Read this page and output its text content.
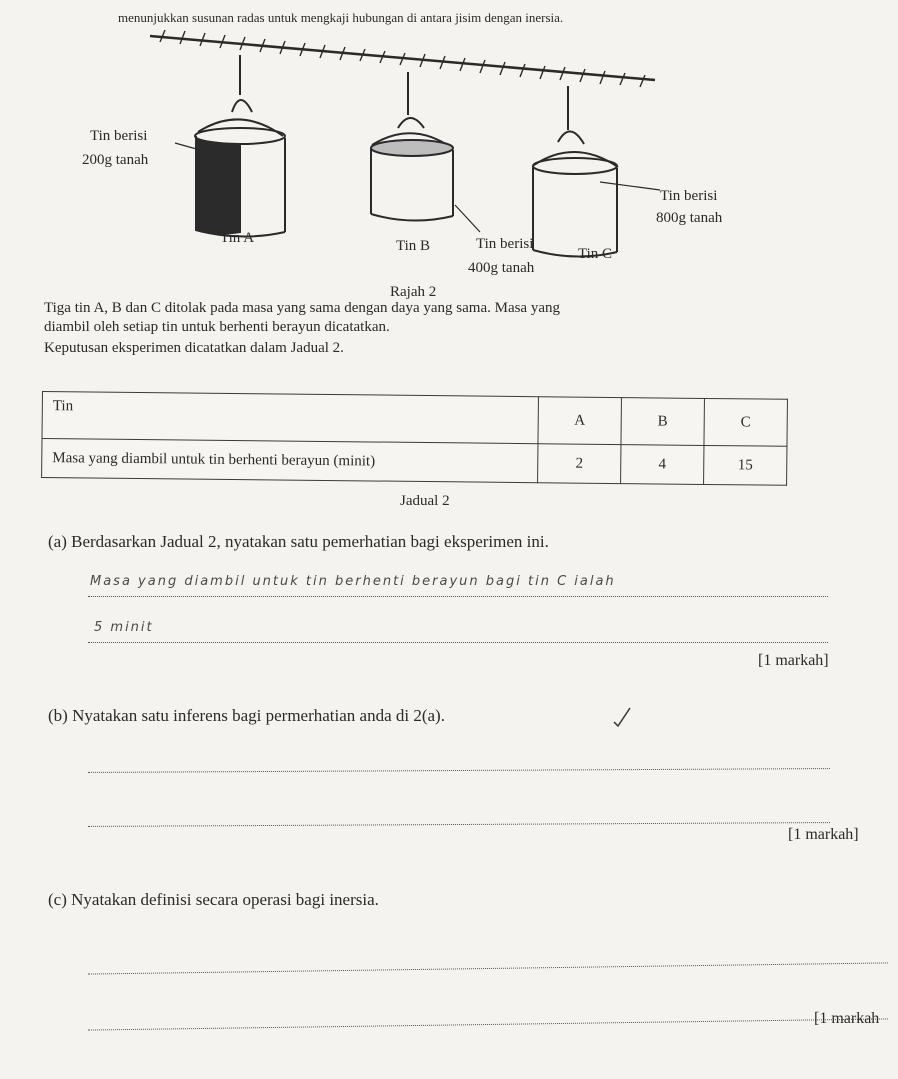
menunjukkan susunan radas untuk mengkaji hubungan di antara jisim dengan inersia.
Tin berisi
200g tanah
Tin A	Tin B	Tin berisi
400g tanah
Tin berisi
800g tanah
Tin C
Rajah 2
Tiga tin A, B dan C ditolak pada masa yang sama dengan daya yang sama. Masa yang
diambil oleh setiap tin untuk berhenti berayun dicatatkan.
Keputusan eksperimen dicatatkan dalam Jadual 2.
Tin	A	B	C
Masa yang diambil untuk tin berhenti berayun (minit)	2	4	15
Jadual 2
(a) Berdasarkan Jadual 2, nyatakan satu pemerhatian bagi eksperimen ini.
Masa yang diambil untuk tin berhenti berayun bagi tin C ialah
5 minit
[1 markah]
(b) Nyatakan satu inferens bagi permerhatian anda di 2(a).
[1 markah]
(c) Nyatakan definisi secara operasi bagi inersia.
[1 markah
